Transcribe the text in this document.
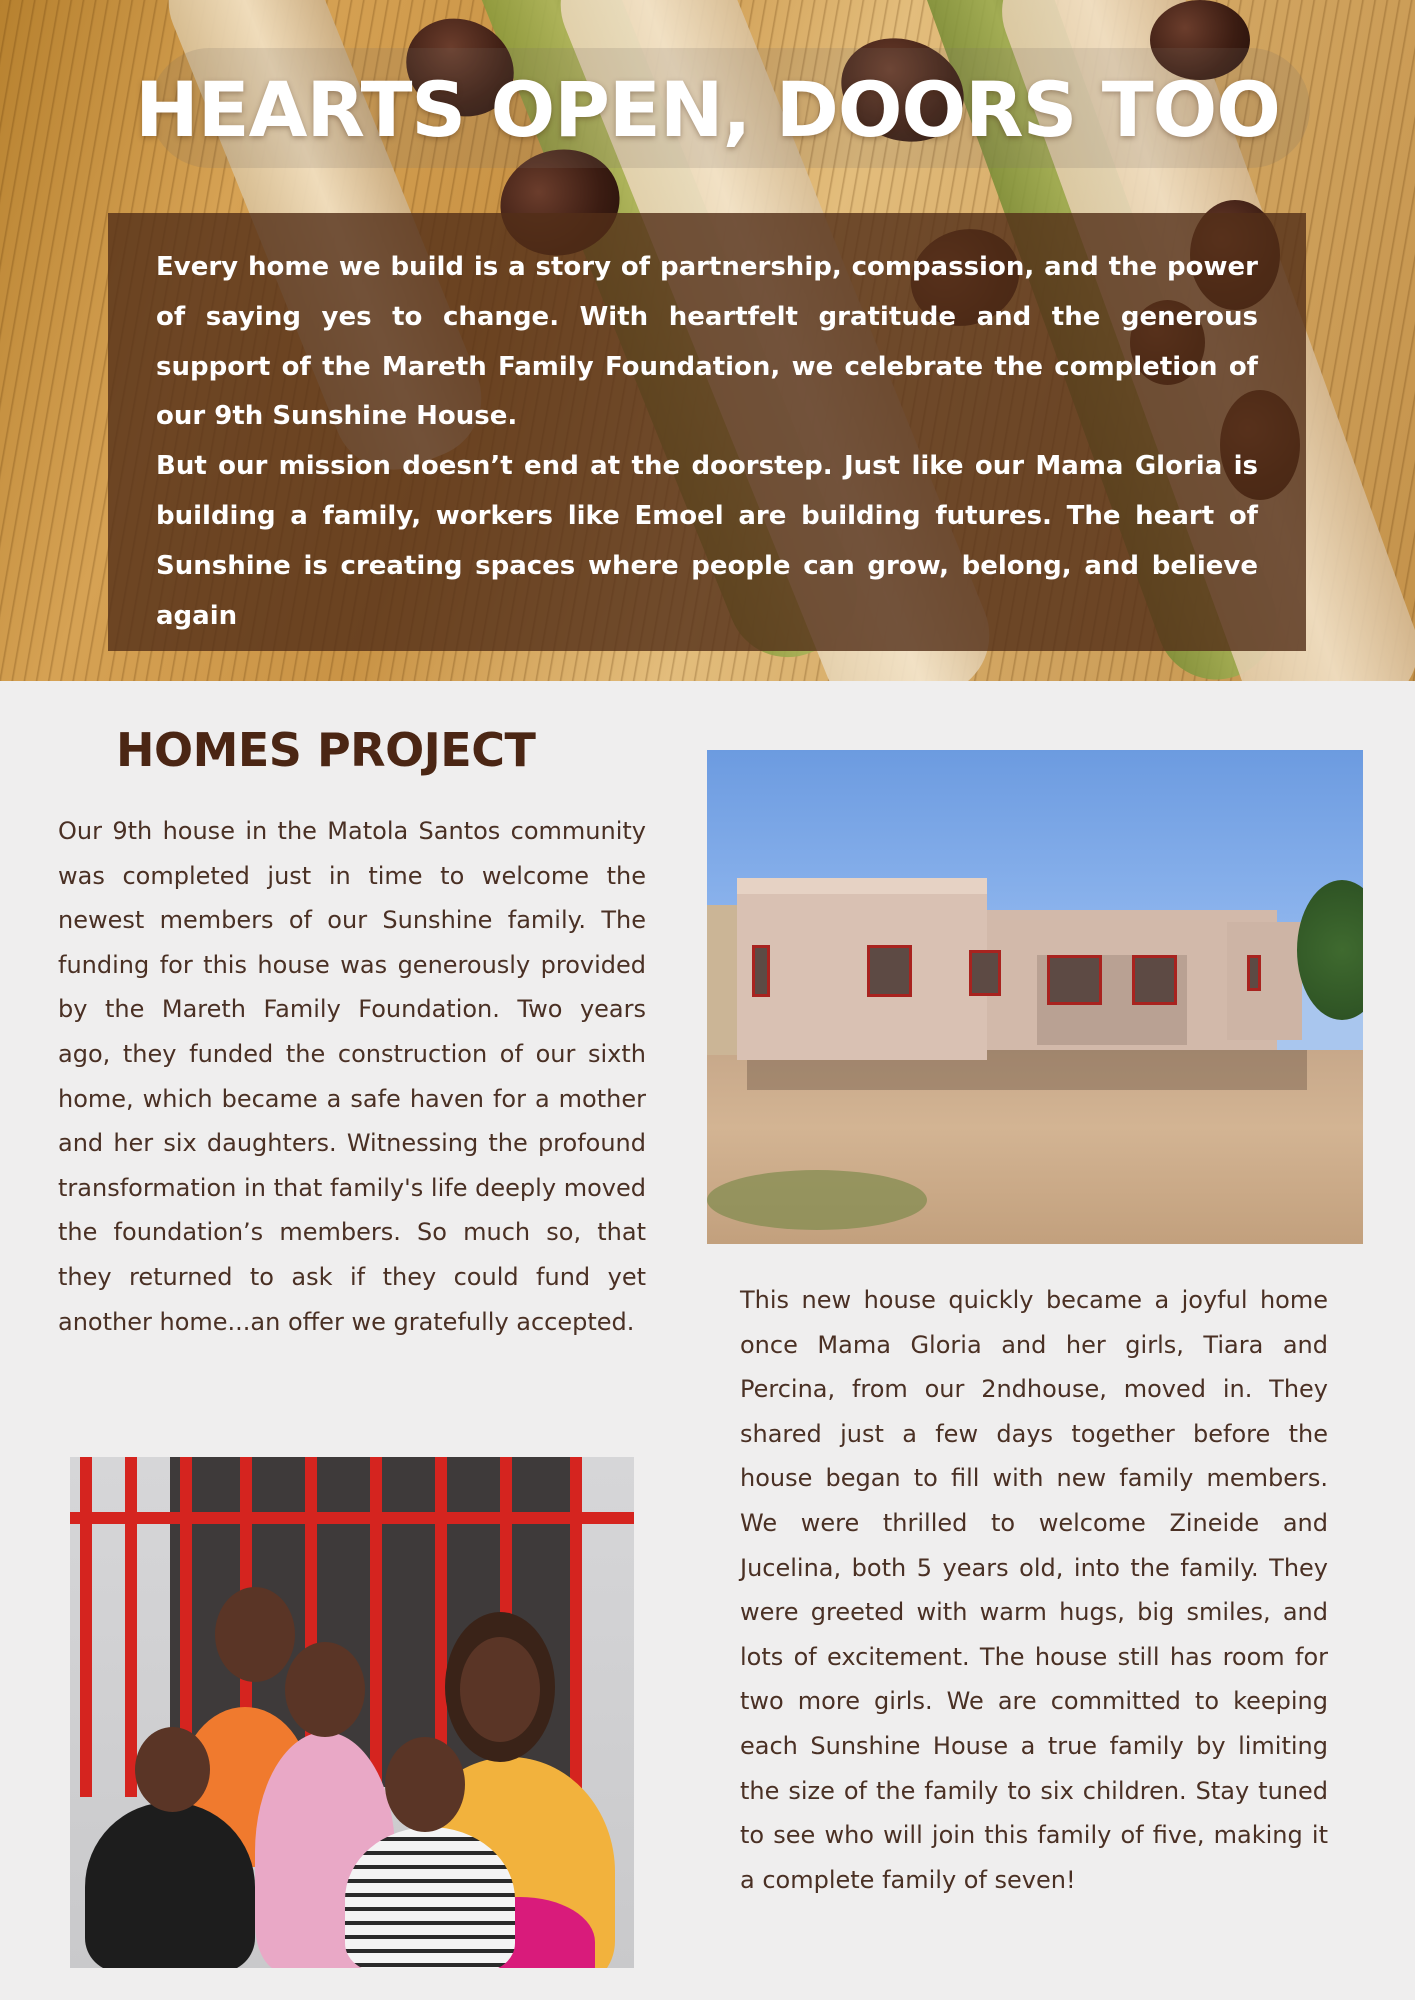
HEARTS OPEN, DOORS TOO

Every home we build is a story of partnership, compassion, and the power of saying yes to change. With heartfelt gratitude and the generous support of the Mareth Family Foundation, we celebrate the completion of our 9th Sunshine House.

But our mission doesn’t end at the doorstep. Just like our Mama Gloria is building a family, workers like Emoel are building futures. The heart of Sunshine is creating spaces where people can grow, belong, and believe again

HOMES PROJECT

Our 9th house in the Matola Santos community was completed just in time to welcome the newest members of our Sunshine family. The funding for this house was generously provided by the Mareth Family Foundation. Two years ago, they funded the construction of our sixth home, which became a safe haven for a mother and her six daughters. Witnessing the profound transformation in that family's life deeply moved the foundation’s members. So much so, that they returned to ask if they could fund yet another home...an offer we gratefully accepted.

This new house quickly became a joyful home once Mama Gloria and her girls, Tiara and Percina, from our 2ndhouse, moved in. They shared just a few days together before the house began to fill with new family members. We were thrilled to welcome Zineide and Jucelina, both 5 years old, into the family. They were greeted with warm hugs, big smiles, and lots of excitement. The house still has room for two more girls. We are committed to keeping each Sunshine House a true family by limiting the size of the family to six children. Stay tuned to see who will join this family of five, making it a complete family of seven!
